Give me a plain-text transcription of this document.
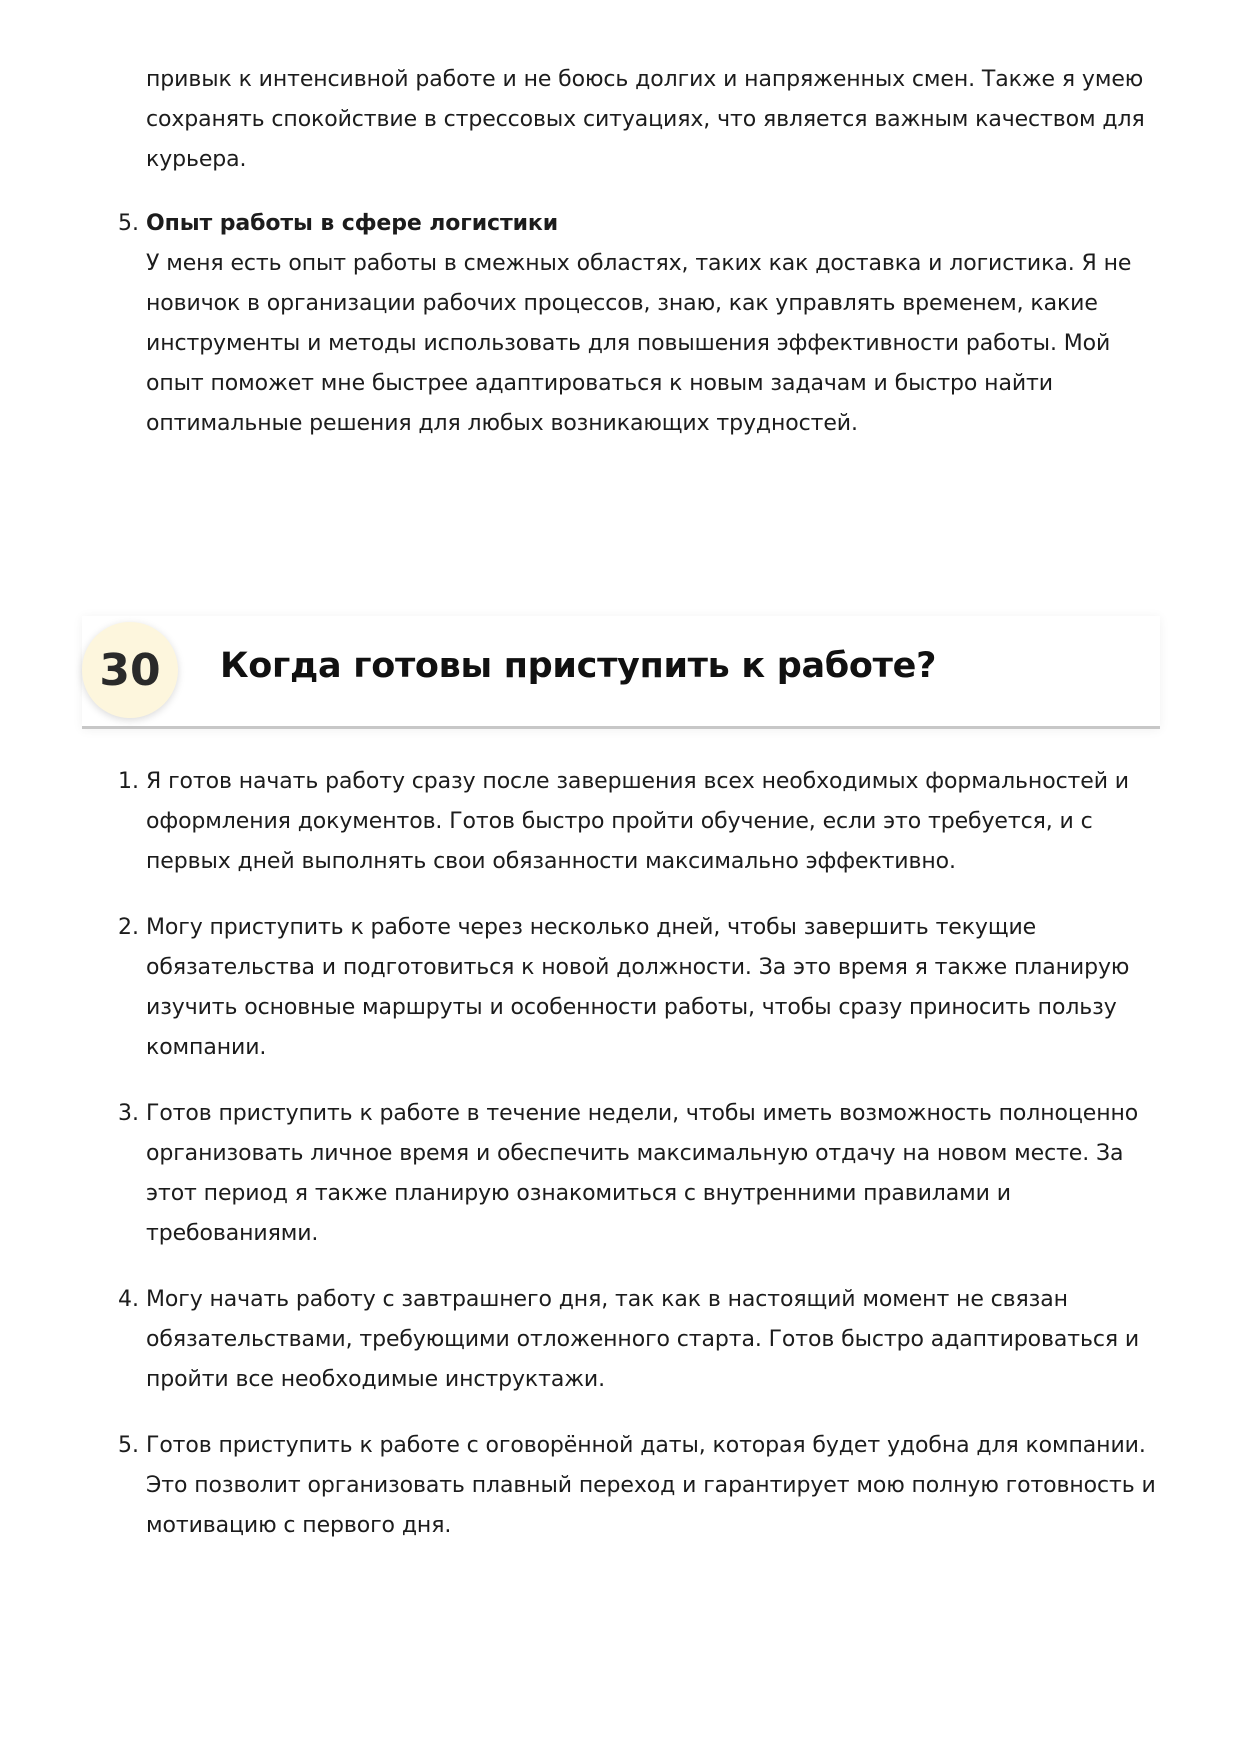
привык к интенсивной работе и не боюсь долгих и напряженных смен. Также я умею сохранять спокойствие в стрессовых ситуациях, что является важным качеством для курьера.
5. Опыт работы в сфере логистики
У меня есть опыт работы в смежных областях, таких как доставка и логистика. Я не новичок в организации рабочих процессов, знаю, как управлять временем, какие инструменты и методы использовать для повышения эффективности работы. Мой опыт поможет мне быстрее адаптироваться к новым задачам и быстро найти оптимальные решения для любых возникающих трудностей.
30	Когда готовы приступить к работе?
1. Я готов начать работу сразу после завершения всех необходимых формальностей и оформления документов. Готов быстро пройти обучение, если это требуется, и с первых дней выполнять свои обязанности максимально эффективно.
2. Могу приступить к работе через несколько дней, чтобы завершить текущие обязательства и подготовиться к новой должности. За это время я также планирую изучить основные маршруты и особенности работы, чтобы сразу приносить пользу компании.
3. Готов приступить к работе в течение недели, чтобы иметь возможность полноценно организовать личное время и обеспечить максимальную отдачу на новом месте. За этот период я также планирую ознакомиться с внутренними правилами и требованиями.
4. Могу начать работу с завтрашнего дня, так как в настоящий момент не связан обязательствами, требующими отложенного старта. Готов быстро адаптироваться и пройти все необходимые инструктажи.
5. Готов приступить к работе с оговорённой даты, которая будет удобна для компании. Это позволит организовать плавный переход и гарантирует мою полную готовность и мотивацию с первого дня.
